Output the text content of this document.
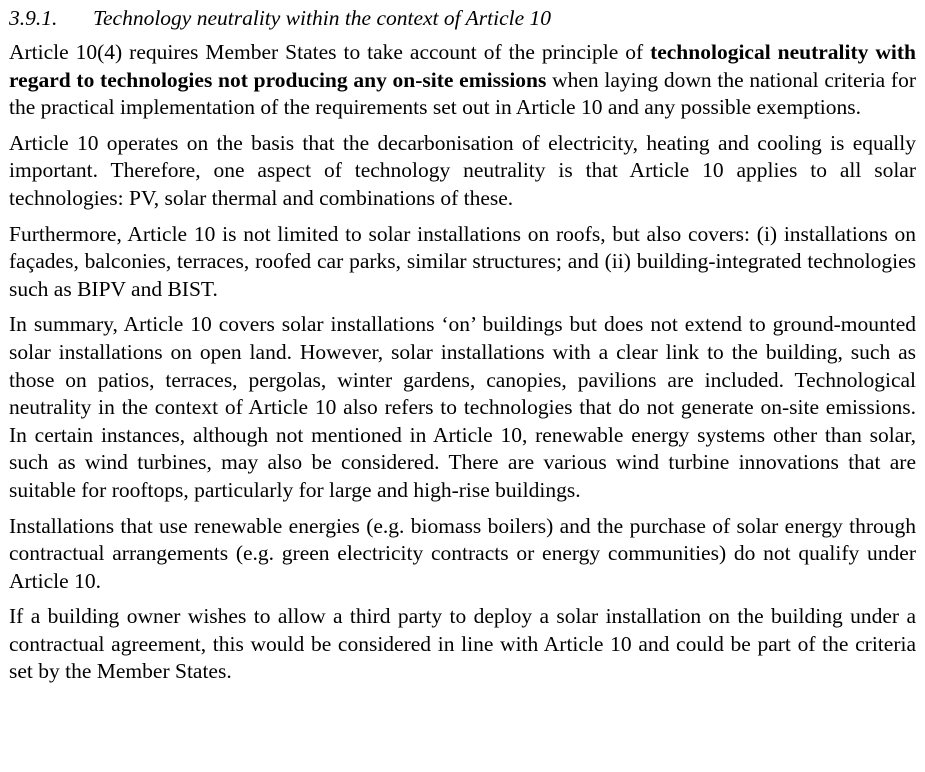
3.9.1. Technology neutrality within the context of Article 10

Article 10(4) requires Member States to take account of the principle of technological neutrality with regard to technologies not producing any on-site emissions when laying down the national criteria for the practical implementation of the requirements set out in Article 10 and any possible exemptions.

Article 10 operates on the basis that the decarbonisation of electricity, heating and cooling is equally important. Therefore, one aspect of technology neutrality is that Article 10 applies to all solar technologies: PV, solar thermal and combinations of these.

Furthermore, Article 10 is not limited to solar installations on roofs, but also covers: (i) installations on façades, balconies, terraces, roofed car parks, similar structures; and (ii) building-integrated technologies such as BIPV and BIST.

In summary, Article 10 covers solar installations ‘on’ buildings but does not extend to ground-mounted solar installations on open land. However, solar installations with a clear link to the building, such as those on patios, terraces, pergolas, winter gardens, canopies, pavilions are included. Technological neutrality in the context of Article 10 also refers to technologies that do not generate on-site emissions. In certain instances, although not mentioned in Article 10, renewable energy systems other than solar, such as wind turbines, may also be considered. There are various wind turbine innovations that are suitable for rooftops, particularly for large and high-rise buildings.

Installations that use renewable energies (e.g. biomass boilers) and the purchase of solar energy through contractual arrangements (e.g. green electricity contracts or energy communities) do not qualify under Article 10.

If a building owner wishes to allow a third party to deploy a solar installation on the building under a contractual agreement, this would be considered in line with Article 10 and could be part of the criteria set by the Member States.
